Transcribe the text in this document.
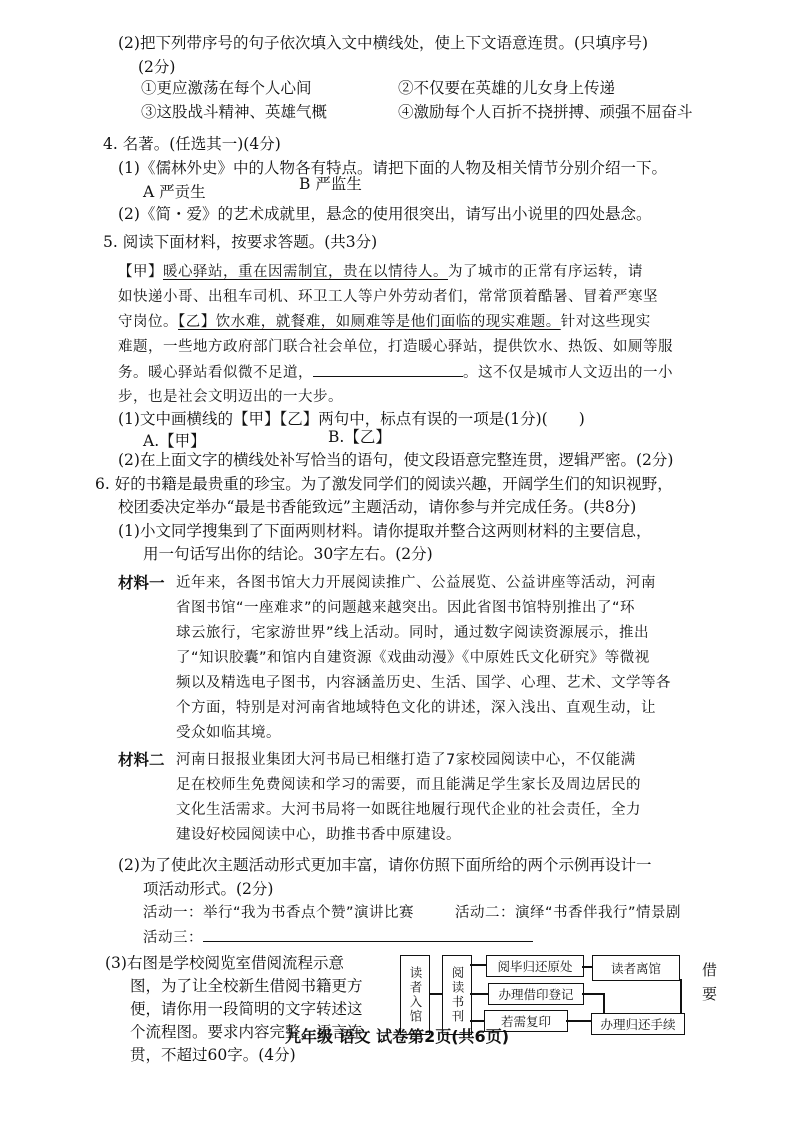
(2)把下列带序号的句子依次填入文中横线处，使上下文语意连贯。(只填序号)
(2分)
①更应激荡在每个人心间	②不仅要在英雄的儿女身上传递
③这股战斗精神、英雄气概	④激励每个人百折不挠拼搏、顽强不屈奋斗
4. 名著。(任选其一)(4分)
(1)《儒林外史》中的人物各有特点。请把下面的人物及相关情节分别介绍一下。
A 严贡生	B 严监生
(2)《简・爱》的艺术成就里，悬念的使用很突出，请写出小说里的四处悬念。
5. 阅读下面材料，按要求答题。(共3分)
【甲】暖心驿站，重在因需制宜，贵在以情待人。为了城市的正常有序运转，请
如快递小哥、出租车司机、环卫工人等户外劳动者们，常常顶着酷暑、冒着严寒坚
守岗位。【乙】饮水难，就餐难，如厕难等是他们面临的现实难题。针对这些现实
难题，一些地方政府部门联合社会单位，打造暖心驿站，提供饮水、热饭、如厕等服
务。暖心驿站看似微不足道，	。这不仅是城市人文迈出的一小
步，也是社会文明迈出的一大步。
(1)文中画横线的【甲】【乙】两句中，标点有误的一项是(1分)(　　)
A.【甲】	B.【乙】
(2)在上面文字的横线处补写恰当的语句，使文段语意完整连贯，逻辑严密。(2分)
6. 好的书籍是最贵重的珍宝。为了激发同学们的阅读兴趣，开阔学生们的知识视野，
校团委决定举办“最是书香能致远”主题活动，请你参与并完成任务。(共8分)
(1)小文同学搜集到了下面两则材料。请你提取并整合这两则材料的主要信息，
用一句话写出你的结论。30字左右。(2分)
材料一 近年来，各图书馆大力开展阅读推广、公益展览、公益讲座等活动，河南
省图书馆“一座难求”的问题越来越突出。因此省图书馆特别推出了“环
球云旅行，宅家游世界”线上活动。同时，通过数字阅读资源展示，推出
了“知识胶囊”和馆内自建资源《戏曲动漫》《中原姓氏文化研究》等微视
频以及精选电子图书，内容涵盖历史、生活、国学、心理、艺术、文学等各
个方面，特别是对河南省地域特色文化的讲述，深入浅出、直观生动，让
受众如临其境。
材料二 河南日报报业集团大河书局已相继打造了7家校园阅读中心，不仅能满
足在校师生免费阅读和学习的需要，而且能满足学生家长及周边居民的
文化生活需求。大河书局将一如既往地履行现代企业的社会责任，全力
建设好校园阅读中心，助推书香中原建设。
(2)为了使此次主题活动形式更加丰富，请你仿照下面所给的两个示例再设计一
项活动形式。(2分)
活动一：举行“我为书香点个赞”演讲比赛	活动二：演绎“书香伴我行”情景剧
活动三：
(3)右图是学校阅览室借阅流程示意
图，为了让全校新生借阅书籍更方
便，请你用一段简明的文字转述这
个流程图。要求内容完整，语言连
贯，不超过60字。(4分)
读者入馆	阅读书刊	阅毕归还原处	读者离馆
办理借印登记
若需复印	办理归还手续
借要
九年级 语文 试卷第2页(共6页)
